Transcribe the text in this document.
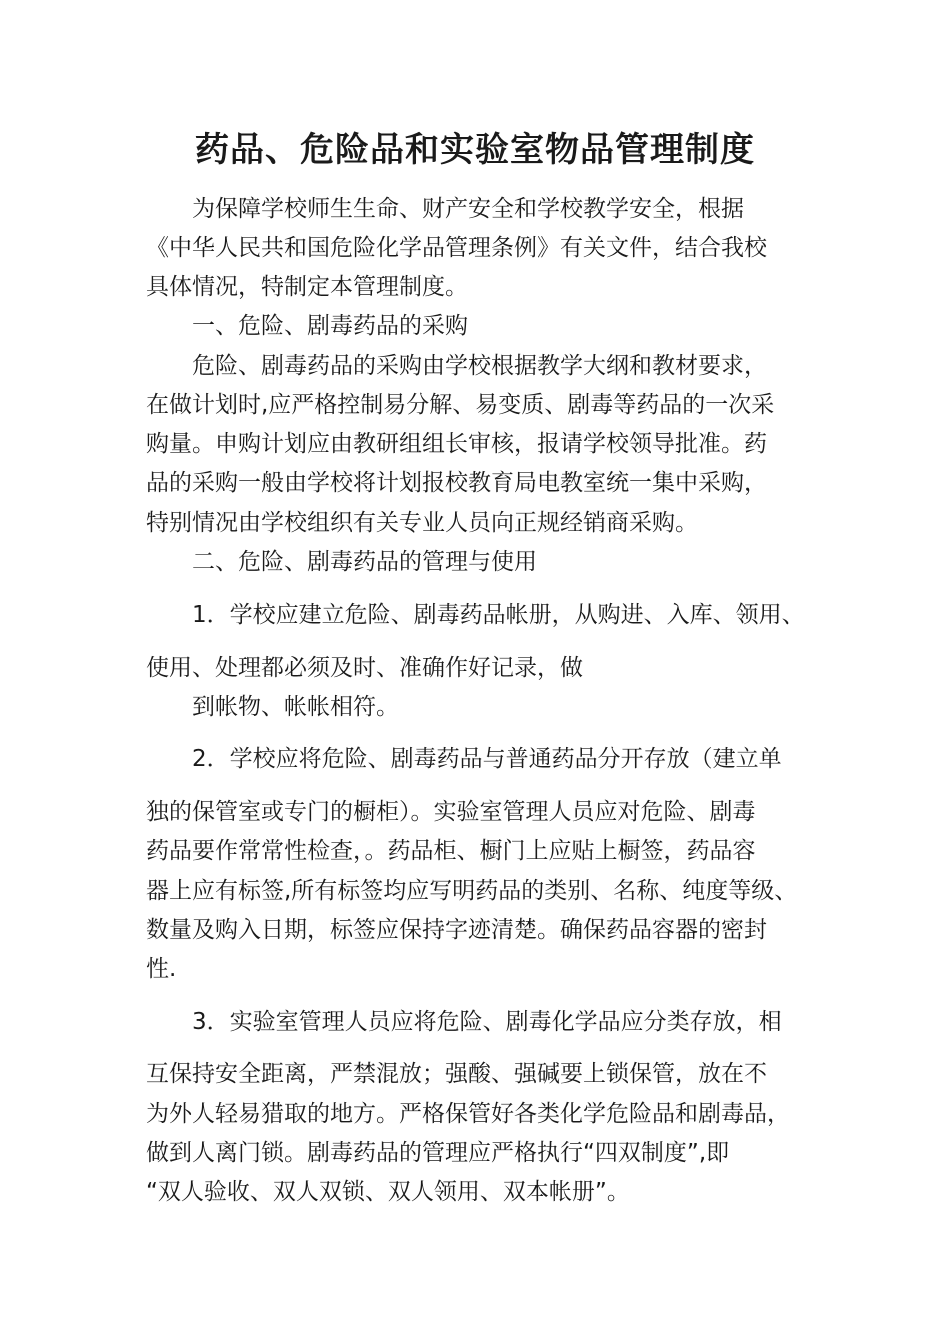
药品、危险品和实验室物品管理制度
为保障学校师生生命、财产安全和学校教学安全，根据
《中华人民共和国危险化学品管理条例》有关文件，结合我校
具体情况，特制定本管理制度。
一、危险、剧毒药品的采购
危险、剧毒药品的采购由学校根据教学大纲和教材要求，
在做计划时,应严格控制易分解、易变质、剧毒等药品的一次采
购量。申购计划应由教研组组长审核，报请学校领导批准。药
品的采购一般由学校将计划报校教育局电教室统一集中采购，
特别情况由学校组织有关专业人员向正规经销商采购。
二、危险、剧毒药品的管理与使用
1．学校应建立危险、剧毒药品帐册，从购进、入库、领用、
使用、处理都必须及时、准确作好记录，做
到帐物、帐帐相符。
2．学校应将危险、剧毒药品与普通药品分开存放（建立单
独的保管室或专门的橱柜）。实验室管理人员应对危险、剧毒
药品要作常常性检查，。药品柜、橱门上应贴上橱签，药品容
器上应有标签,所有标签均应写明药品的类别、名称、纯度等级、
数量及购入日期，标签应保持字迹清楚。确保药品容器的密封
性.
3．实验室管理人员应将危险、剧毒化学品应分类存放，相
互保持安全距离，严禁混放；强酸、强碱要上锁保管，放在不
为外人轻易猎取的地方。严格保管好各类化学危险品和剧毒品，
做到人离门锁。剧毒药品的管理应严格执行“四双制度”,即
“双人验收、双人双锁、双人领用、双本帐册”。
